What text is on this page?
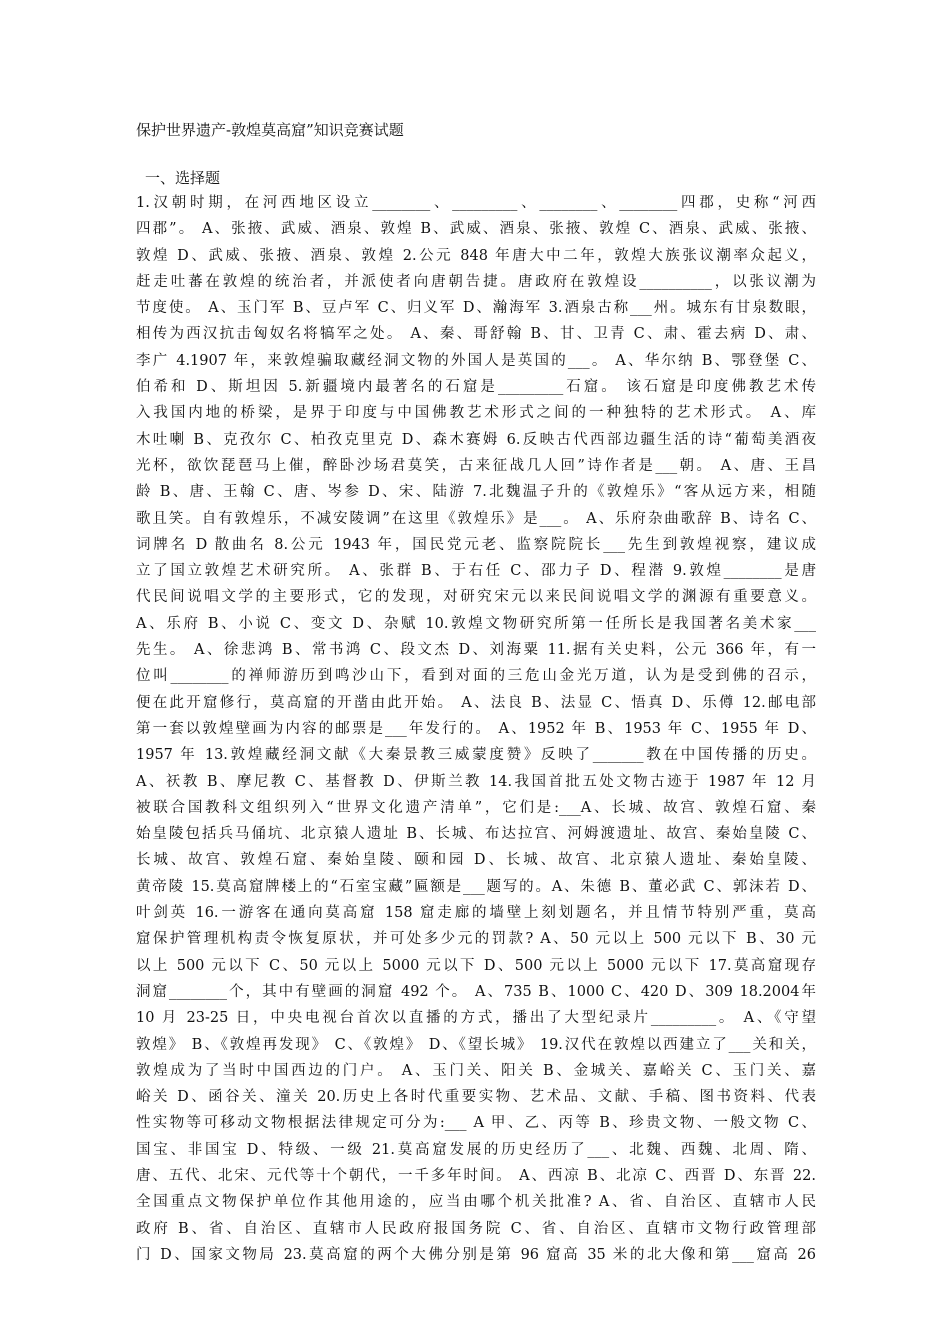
保护世界遗产-敦煌莫高窟”知识竞赛试题
一、选择题
1.汉朝时期，在河西地区设立________、_________、________、________四郡，史称“河西
四郡”。 A、张掖、武威、酒泉、敦煌 B、武威、酒泉、张掖、敦煌 C、酒泉、武威、张掖、
敦煌 D、武威、张掖、酒泉、敦煌 2.公元 848 年唐大中二年，敦煌大族张议潮率众起义，
赶走吐蕃在敦煌的统治者，并派使者向唐朝告捷。唐政府在敦煌设__________，以张议潮为
节度使。 A、玉门军 B、豆卢军 C、归义军 D、瀚海军 3.酒泉古称___州。城东有甘泉数眼，
相传为西汉抗击匈奴名将犒军之处。 A、秦、哥舒翰 B、甘、卫青 C、肃、霍去病 D、肃、
李广 4.1907 年，来敦煌骗取藏经洞文物的外国人是英国的___。 A、华尔纳 B、鄂登堡 C、
伯希和 D、斯坦因 5.新疆境内最著名的石窟是_________石窟。 该石窟是印度佛教艺术传
入我国内地的桥梁，是界于印度与中国佛教艺术形式之间的一种独特的艺术形式。 A、库
木吐喇 B、克孜尔 C、柏孜克里克 D、森木赛姆 6.反映古代西部边疆生活的诗“葡萄美酒夜
光杯，欲饮琵琶马上催，醉卧沙场君莫笑，古来征战几人回”诗作者是___朝。 A、唐、王昌
龄 B、唐、王翰 C、唐、岑参 D、宋、陆游 7.北魏温子升的《敦煌乐》“客从远方来，相随
歌且笑。自有敦煌乐，不减安陵调”在这里《敦煌乐》是___。 A、乐府杂曲歌辞 B、诗名 C、
词牌名 D 散曲名 8.公元 1943 年，国民党元老、监察院院长___先生到敦煌视察，建议成
立了国立敦煌艺术研究所。 A、张群 B、于右任 C、邵力子 D、程潜 9.敦煌________是唐
代民间说唱文学的主要形式，它的发现，对研究宋元以来民间说唱文学的渊源有重要意义。
A、乐府 B、小说 C、变文 D、杂赋 10.敦煌文物研究所第一任所长是我国著名美术家___
先生。 A、徐悲鸿 B、常书鸿 C、段文杰 D、刘海粟 11.据有关史料，公元 366 年，有一
位叫________的禅师游历到鸣沙山下，看到对面的三危山金光万道，认为是受到佛的召示，
便在此开窟修行，莫高窟的开凿由此开始。 A、法良 B、法显 C、悟真 D、乐僔 12.邮电部
第一套以敦煌壁画为内容的邮票是___年发行的。 A、1952 年 B、1953 年 C、1955 年 D、
1957 年 13.敦煌藏经洞文献《大秦景教三威蒙度赞》反映了_______教在中国传播的历史。
A、祆教 B、摩尼教 C、基督教 D、伊斯兰教 14.我国首批五处文物古迹于 1987 年 12 月
被联合国教科文组织列入“世界文化遗产清单”，它们是:___A、长城、故宫、敦煌石窟、秦
始皇陵包括兵马俑坑、北京猿人遗址 B、长城、布达拉宫、河姆渡遗址、故宫、秦始皇陵 C、
长城、故宫、敦煌石窟、秦始皇陵、颐和园 D、长城、故宫、北京猿人遗址、秦始皇陵、
黄帝陵 15.莫高窟牌楼上的“石室宝藏”匾额是___题写的。A、朱德 B、董必武 C、郭沫若 D、
叶剑英 16.一游客在通向莫高窟 158 窟走廊的墙壁上刻划题名，并且情节特别严重，莫高
窟保护管理机构责令恢复原状，并可处多少元的罚款? A、50 元以上 500 元以下 B、30 元
以上 500 元以下 C、50 元以上 5000 元以下 D、500 元以上 5000 元以下 17.莫高窟现存
洞窟________个，其中有壁画的洞窟 492 个。 A、735 B、1000 C、420 D、309 18.2004年
10 月 23-25 日，中央电视台首次以直播的方式，播出了大型纪录片_________。 A、《守望
敦煌》 B、《敦煌再发现》 C、《敦煌》 D、《望长城》 19.汉代在敦煌以西建立了___关和关，
敦煌成为了当时中国西边的门户。 A、玉门关、阳关 B、金城关、嘉峪关 C、玉门关、嘉
峪关 D、函谷关、潼关 20.历史上各时代重要实物、艺术品、文献、手稿、图书资料、代表
性实物等可移动文物根据法律规定可分为:___ A 甲、乙、丙等 B、珍贵文物、一般文物 C、
国宝、非国宝 D、特级、一级 21.莫高窟发展的历史经历了___、北魏、西魏、北周、隋、
唐、五代、北宋、元代等十个朝代，一千多年时间。 A、西凉 B、北凉 C、西晋 D、东晋 22.
全国重点文物保护单位作其他用途的，应当由哪个机关批准? A、省、自治区、直辖市人民
政府 B、省、自治区、直辖市人民政府报国务院 C、省、自治区、直辖市文物行政管理部
门 D、国家文物局 23.莫高窟的两个大佛分别是第 96 窟高 35 米的北大像和第___窟高 26
